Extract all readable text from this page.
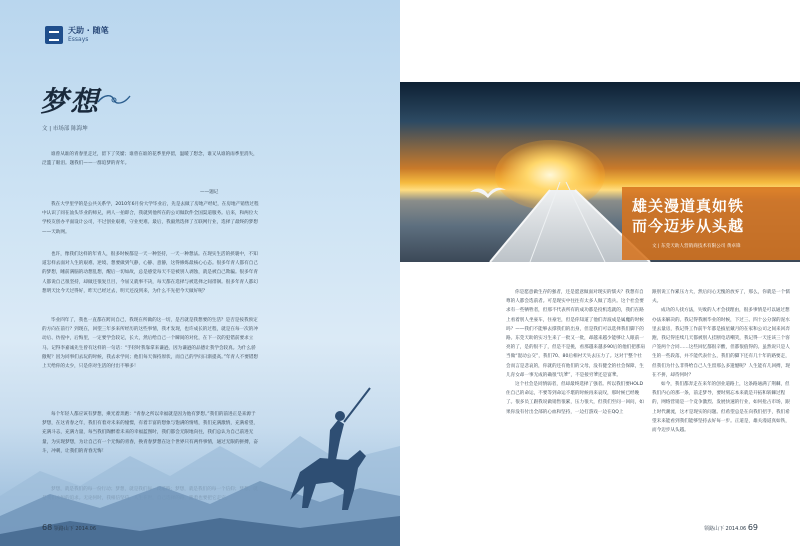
天助 · 随笔
Essays
梦想
文 | 市场部 陈海坤

谁曾从谁的青春里走过，留下了笑靥；谁曾在谁的花季里停留，温暖了想念，谁又从谁的雨季里消失，泛滥了眼泪。题我们——一群追梦的青年。

——题记

我在大学里学的是公共关系学，2010年6月份大学毕业后，先是去做了房地产经纪，在房地产销售过程中认识了同在汕头毕业的师兄，两人一拍即合，我就到他所在的公司做软件全国渠道服务。后来，和两位大学校友创办平面设计公司，不过创业艰难，守业更难。最后，我毅然选择了互联网行业，选择了最终的梦想——天助网。

也许，像我们这样的年青人，很多时候都是一天一种坚持，一天一种想法。在现实生活的挟裹中，不知道怎样去面对人生的艰难、逆境、想要做到气静，心静、意静，这得修炼最核心心态。很多年青人都有自己的梦想，睡前满脑的动想乱想，醒后一切如故，总是感觉每天不是被别人剥蚀，就是被自己欺骗。很多年青人都说自己很坚持，却做还很复旦目，今屈又就事不决，每天都在选择与被选择之间徘徊。很多年青人都幻想明天比今天过得好，昨天已经过去，明天还没到来，为什么不先把今天做好呢？

毕业四年了，我也一直都在跨问自己，我现在所做的这一切，是否就是我想要的生活？是否是按我预定的方向在前行？到现在，回望三年多来所经历的这些事情，我才发现，也许成长的过程，就是在每一次的冲动后、彷徨中，后悔里，一定要学会较记，长大，然后给自己一个瞬间的对化，在下一次的犯错前要求立马。记得李嘉诚先生曾有这样的一句话：“手轻时我靠拿来谦逊，因为谦逊的品德让我学会较真。为什么骄傲呢？因为同事们去玩的时候，我去求学问；他们每天保持原状，而自己的学问日渐提高。”年青人不要错想上天给你的太少，只是你对生活的付出不够多！

每个年轻人都应该有梦想，乘光着奔跑：“青春之所以幸福就是因为他有梦想。”我们的前进正是来源于梦想，在这青春之年，我们有着对未来的憧憬，有着丰富的想象与饱满的情绪，我们充满激情，充满希望，充满斗志，充满力量，每当我们陶醉着未来的幸福蓝图时，我们都会无限地向往，我们总认为自己前进无量，为实现梦想，为让自己有一个无悔的青春，换青春梦想在这个世界只有两件事情，通过无限的拼搏，奋斗，冲刺，让我们的青春无悔！

68 领路山下 2014.06
雄关漫道真如铁
而今迈步从头越
文 | 东莞天助人营销商技术有限公司 黄卓锋

你是愿意做生存的强者，还是愿意做面对现实的懦夫？我想有自尊的人都会选前者。可是现实中往往有太多人做了选兵。这个社会要求有一些牺牲者，但那不代表所有的成功都是投机选就的，我们在路上看着别人坐豪车，住豪宅，但是你知道了他们奔波成是属魔的时候吗？——我们不能够去撑我们的出身，但是我们可以选择我们脚下的路。东莞天助的实习生来了一批又一批，却越来越少能够让人眼前一亮的了，是的很不了，但是不是挑，看那越来越多90后的他们把那肩当做“混动公交”，我们70、80后相衬天失去压力了。这对于整个社会而言是悲哀的，你就的还有他们的父母，没有健全的社会保障，生儿育女却一事无成的确很“坑爹”，不是接穷爹还是富爹。

这个社会是同情弱者，但却最终选择了强者。所以我们要HOLD住自己的命运，不要等到命运不堪的时候再来哀叹，那时候已经晚了。很多员工跟我说做销售很累，压力很大，但我们至问一回问，如果你没有付出全部的心血和坚持，一边打游戏一边在QQ上

跟别说工作累压力大，然后问心无愧的放弃了，那么，你就是一个懦夫。

成功的人找方法，失败的人才会找理由，很多事情是可以通过想办法来解决的。我记得我刚毕业的时候，下过三、四十公分深的泥水里去量房，我记得工作前半年都是披星戴月的在家和公司之间来回奔跑，我记得连续几天都被别人挂断电话嘲笑，我记得一天连该三个客户签两个合同……这些回忆都很辛酸，但都很值得的。虽然说只是人生的一些段落，并不能代表什么，我们的脚下还有几十年的路要走，但我们为什么非得给自己人生留那么多遗憾呢？人生能有几回搏，现在不拼，却待何时？

如今，我们都奔走在来年的创业道路上，这条路通满了荆棘，但我们内心的那一条，前走梦导，要时刻忘本来就是开拓和斩棘过程的，网络营销是一个竞争激烈、发展快速的行业，如何抢占市场，跟上时代潮流，这才是现实的问题。但希望总是在向我们招手，我们希望未来能看到我们能够坚持去好每一步。正道是，雄关漫道真如铁，而今迈步从头越。

领路山下 2014.06 69
